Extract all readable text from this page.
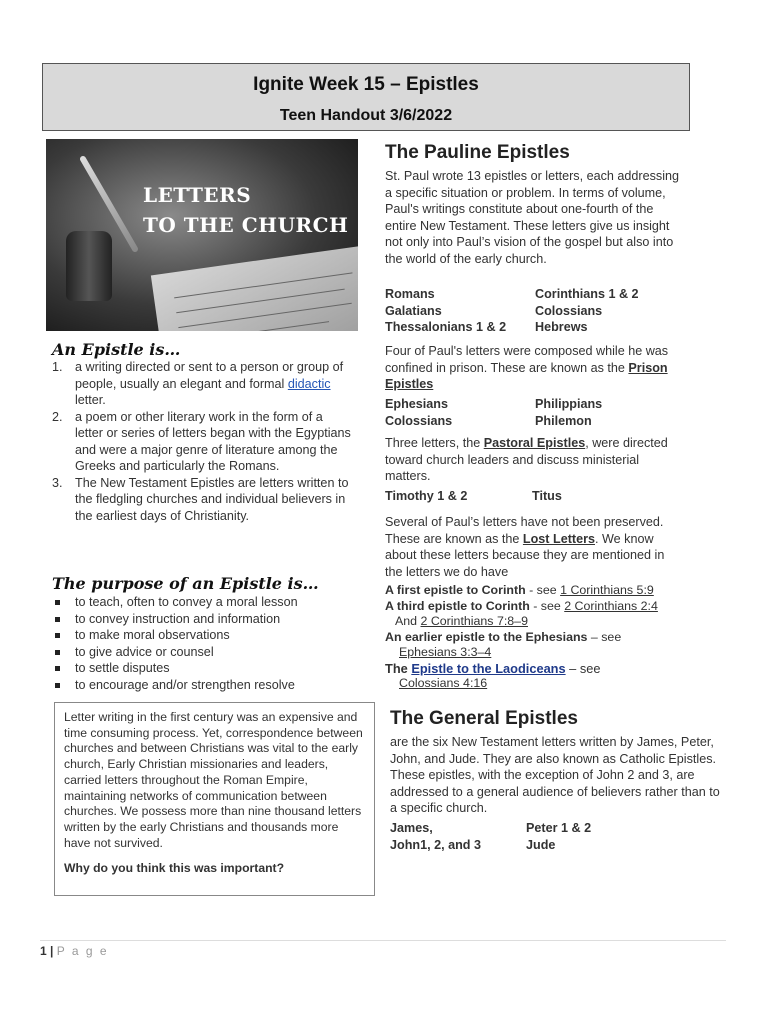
Ignite Week 15 – Epistles
Teen Handout 3/6/2022
LETTERS
TO THE CHURCH
An Epistle is…
1. a writing directed or sent to a person or group of people, usually an elegant and formal didactic letter.
2. a poem or other literary work in the form of a letter or series of letters began with the Egyptians and were a major genre of literature among the Greeks and particularly the Romans.
3. The New Testament Epistles are letters written to the fledgling churches and individual believers in the earliest days of Christianity.
The purpose of an Epistle is…
to teach, often to convey a moral lesson
to convey instruction and information
to make moral observations
to give advice or counsel
to settle disputes
to encourage and/or strengthen resolve
Letter writing in the first century was an expensive and time consuming process. Yet, correspondence between churches and between Christians was vital to the early church, Early Christian missionaries and leaders, carried letters throughout the Roman Empire, maintaining networks of communication between churches. We possess more than nine thousand letters written by the early Christians and thousands more have not survived.
Why do you think this was important?
The Pauline Epistles
St. Paul wrote 13 epistles or letters, each addressing a specific situation or problem. In terms of volume, Paul's writings constitute about one-fourth of the entire New Testament. These letters give us insight not only into Paul’s vision of the gospel but also into the world of the early church.
Romans
Galatians
Thessalonians 1 & 2
Corinthians 1 & 2
Colossians
Hebrews
Four of Paul's letters were composed while he was confined in prison. These are known as the Prison Epistles
Ephesians
Colossians
Philippians
Philemon
Three letters, the Pastoral Epistles, were directed toward church leaders and discuss ministerial matters.
Timothy 1 & 2	Titus
Several of Paul’s letters have not been preserved. These are known as the Lost Letters. We know about these letters because they are mentioned in the letters we do have
A first epistle to Corinth - see 1 Corinthians 5:9
A third epistle to Corinth - see 2 Corinthians 2:4
And 2 Corinthians 7:8–9
An earlier epistle to the Ephesians – see
Ephesians 3:3–4
The Epistle to the Laodiceans – see
Colossians 4:16
The General Epistles
are the six New Testament letters written by James, Peter, John, and Jude. They are also known as Catholic Epistles. These epistles, with the exception of John 2 and 3, are addressed to a general audience of believers rather than to a specific church.
James,
John1, 2, and 3
Peter 1 & 2
Jude
1 | P a g e
